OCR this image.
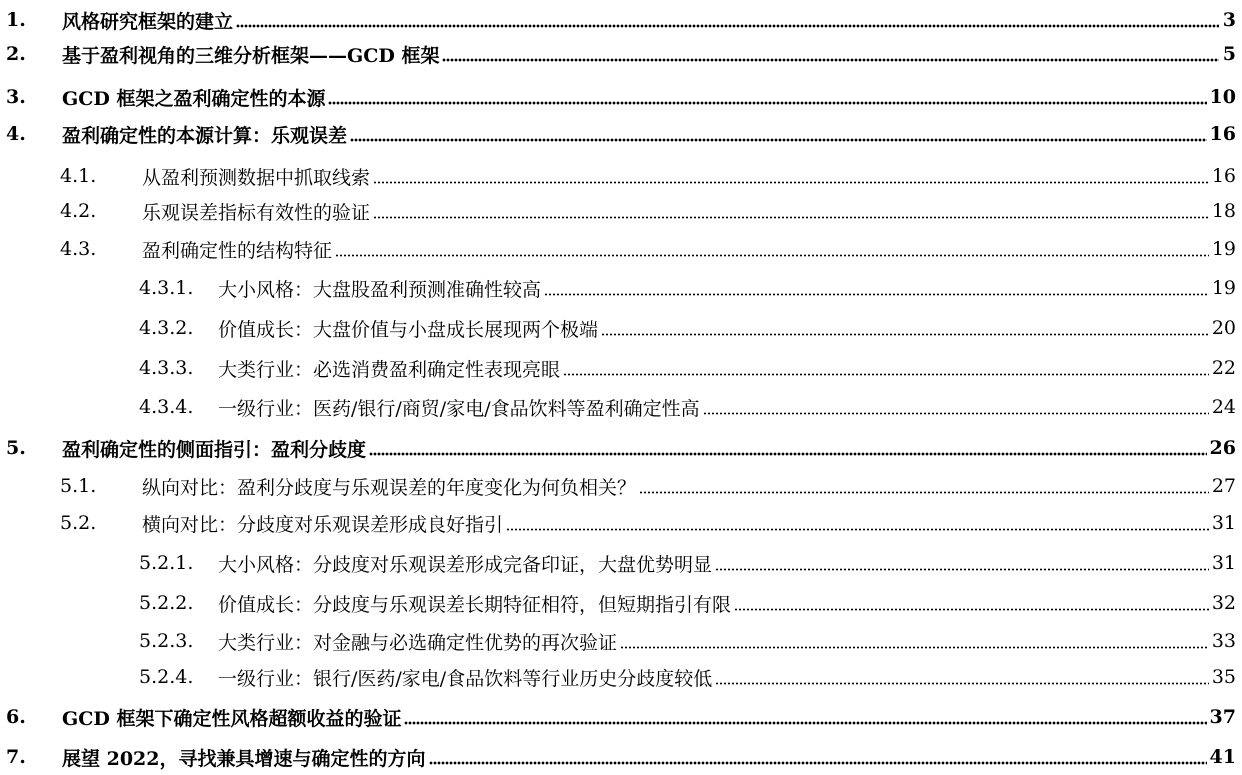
1. 风格研究框架的建立	3
2. 基于盈利视角的三维分析框架——GCD 框架	5
3. GCD 框架之盈利确定性的本源	10
4. 盈利确定性的本源计算：乐观误差	16
4.1. 从盈利预测数据中抓取线索	16
4.2. 乐观误差指标有效性的验证	18
4.3. 盈利确定性的结构特征	19
4.3.1. 大小风格：大盘股盈利预测准确性较高	19
4.3.2. 价值成长：大盘价值与小盘成长展现两个极端	20
4.3.3. 大类行业：必选消费盈利确定性表现亮眼	22
4.3.4. 一级行业：医药/银行/商贸/家电/食品饮料等盈利确定性高	24
5. 盈利确定性的侧面指引：盈利分歧度	26
5.1. 纵向对比：盈利分歧度与乐观误差的年度变化为何负相关？	27
5.2. 横向对比：分歧度对乐观误差形成良好指引	31
5.2.1. 大小风格：分歧度对乐观误差形成完备印证，大盘优势明显	31
5.2.2. 价值成长：分歧度与乐观误差长期特征相符，但短期指引有限	32
5.2.3. 大类行业：对金融与必选确定性优势的再次验证	33
5.2.4. 一级行业：银行/医药/家电/食品饮料等行业历史分歧度较低	35
6. GCD 框架下确定性风格超额收益的验证	37
7. 展望 2022，寻找兼具增速与确定性的方向	41
